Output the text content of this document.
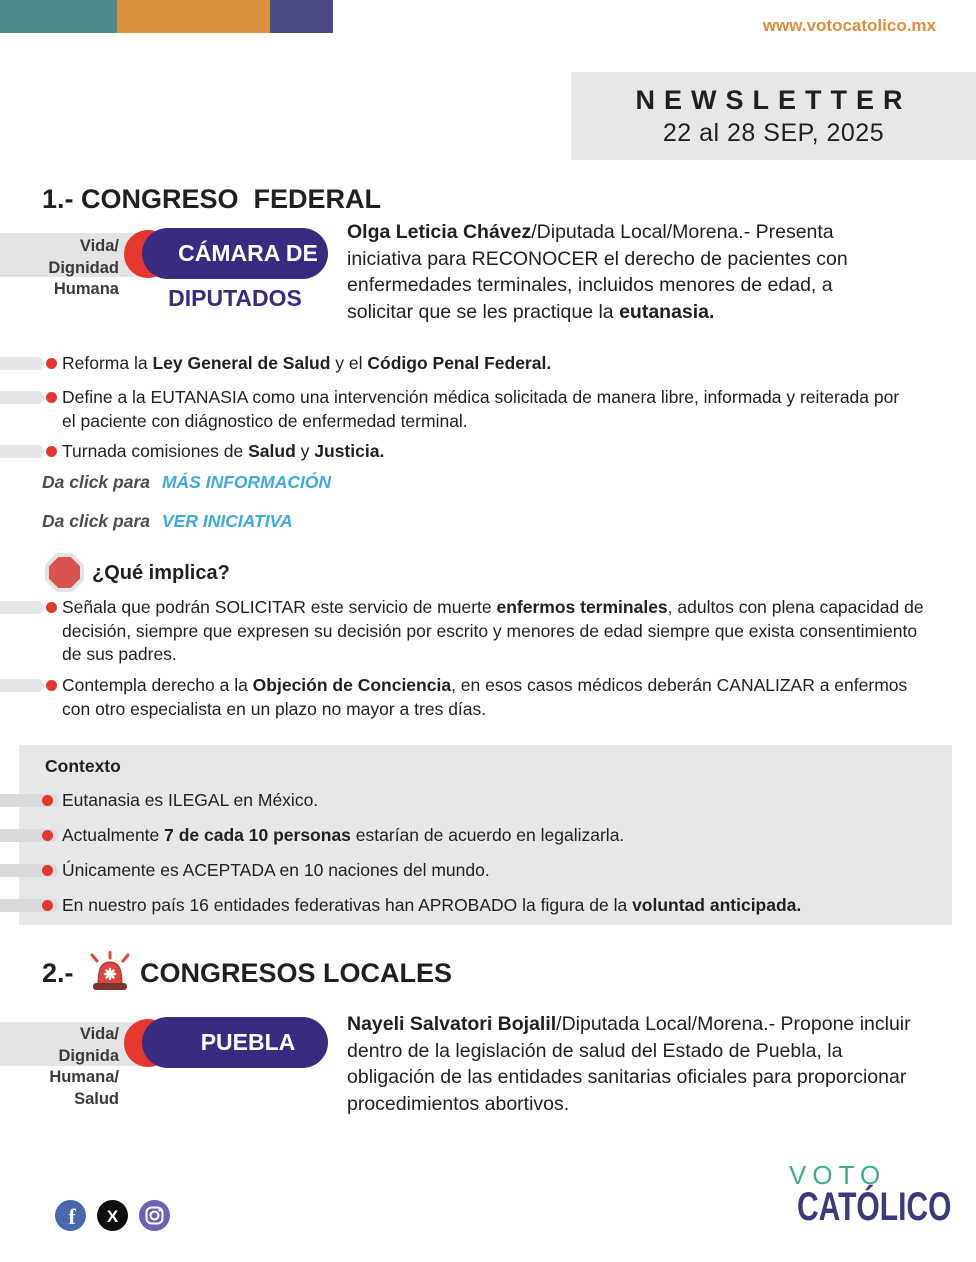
www.votocatolico.mx
NEWSLETTER
22 al 28 SEP, 2025
1.- CONGRESO  FEDERAL
Vida/
Dignidad
Humana
CÁMARA DE
DIPUTADOS
Olga Leticia Chávez/Diputada Local/Morena.- Presenta iniciativa para RECONOCER el derecho de pacientes con enfermedades terminales, incluidos menores de edad, a solicitar que se les practique la eutanasia.
Reforma la Ley General de Salud y el Código Penal Federal.
Define a la EUTANASIA como una intervención médica solicitada de manera libre, informada y reiterada por el paciente con diágnostico de enfermedad terminal.
Turnada comisiones de Salud y Justicia.
Da click para MÁS INFORMACIÓN
Da click para VER INICIATIVA
¿Qué implica?
Señala que podrán SOLICITAR este servicio de muerte enfermos terminales, adultos con plena capacidad de decisión, siempre que expresen su decisión por escrito y menores de edad siempre que exista consentimiento de sus padres.
Contempla derecho a la Objeción de Conciencia, en esos casos médicos deberán CANALIZAR a enfermos con otro especialista en un plazo no mayor a tres días.
Contexto
Eutanasia es ILEGAL en México.
Actualmente 7 de cada 10 personas estarían de acuerdo en legalizarla.
Únicamente es ACEPTADA en 10 naciones del mundo.
En nuestro país 16 entidades federativas han APROBADO la figura de la voluntad anticipada.
2.- CONGRESOS LOCALES
Vida/
Dignida
Humana/
Salud
PUEBLA
Nayeli Salvatori Bojalil/Diputada Local/Morena.- Propone incluir dentro de la legislación de salud del Estado de Puebla, la obligación de las entidades sanitarias oficiales para proporcionar procedimientos abortivos.
f X
VOTO
CATÓLICO
